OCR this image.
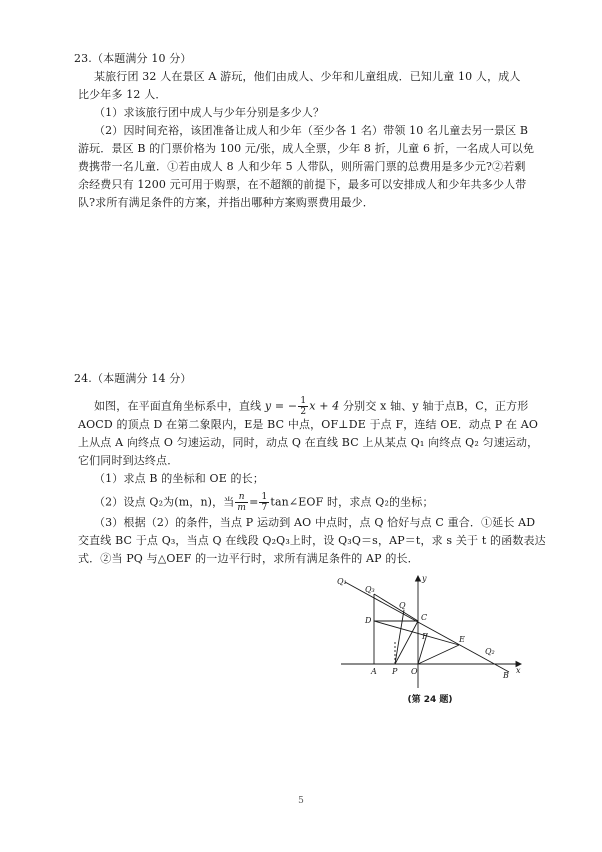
23.（本题满分 10 分）
某旅行团 32 人在景区 A 游玩，他们由成人、少年和儿童组成．已知儿童 10 人，成人
比少年多 12 人．
（1）求该旅行团中成人与少年分别是多少人？
（2）因时间充裕，该团准备让成人和少年（至少各 1 名）带领 10 名儿童去另一景区 B
游玩．景区 B 的门票价格为 100 元/张，成人全票，少年 8 折，儿童 6 折，一名成人可以免
费携带一名儿童．①若由成人 8 人和少年 5 人带队，则所需门票的总费用是多少元?②若剩
余经费只有 1200 元可用于购票，在不超额的前提下，最多可以安排成人和少年共多少人带
队?求所有满足条件的方案，并指出哪种方案购票费用最少．
24.（本题满分 14 分）
如图，在平面直角坐标系中，直线 y = − $\frac{1}{2}$ x + 4 分别交 x 轴、y 轴于点B，C，正方形
AOCD 的顶点 D 在第二象限内，E是 BC 中点，OF⊥DE 于点 F，连结 OE．动点 P 在 AO
上从点 A 向终点 O 匀速运动，同时，动点 Q 在直线 BC 上从某点 Q₁ 向终点 Q₂ 匀速运动，
它们同时到达终点．
（1）求点 B 的坐标和 OE 的长；
（2）设点 Q₂为(m，n)，当 $\frac{n}{m} = \frac{1}{7}$ tan∠EOF 时，求点 Q₂的坐标；
（3）根据（2）的条件，当点 P 运动到 AO 中点时，点 Q 恰好与点 C 重合．①延长 AD
交直线 BC 于点 Q₃，当点 Q 在线段 Q₂Q₃上时，设 Q₃Q＝s，AP＝t，求 s 关于 t 的函数表达
式．②当 PQ 与△OEF 的一边平行时，求所有满足条件的 AP 的长．
Q₁
Q₃
Q
C
D
F	E
Q₂
A P O	B
x
y
(第 24 题)
5
